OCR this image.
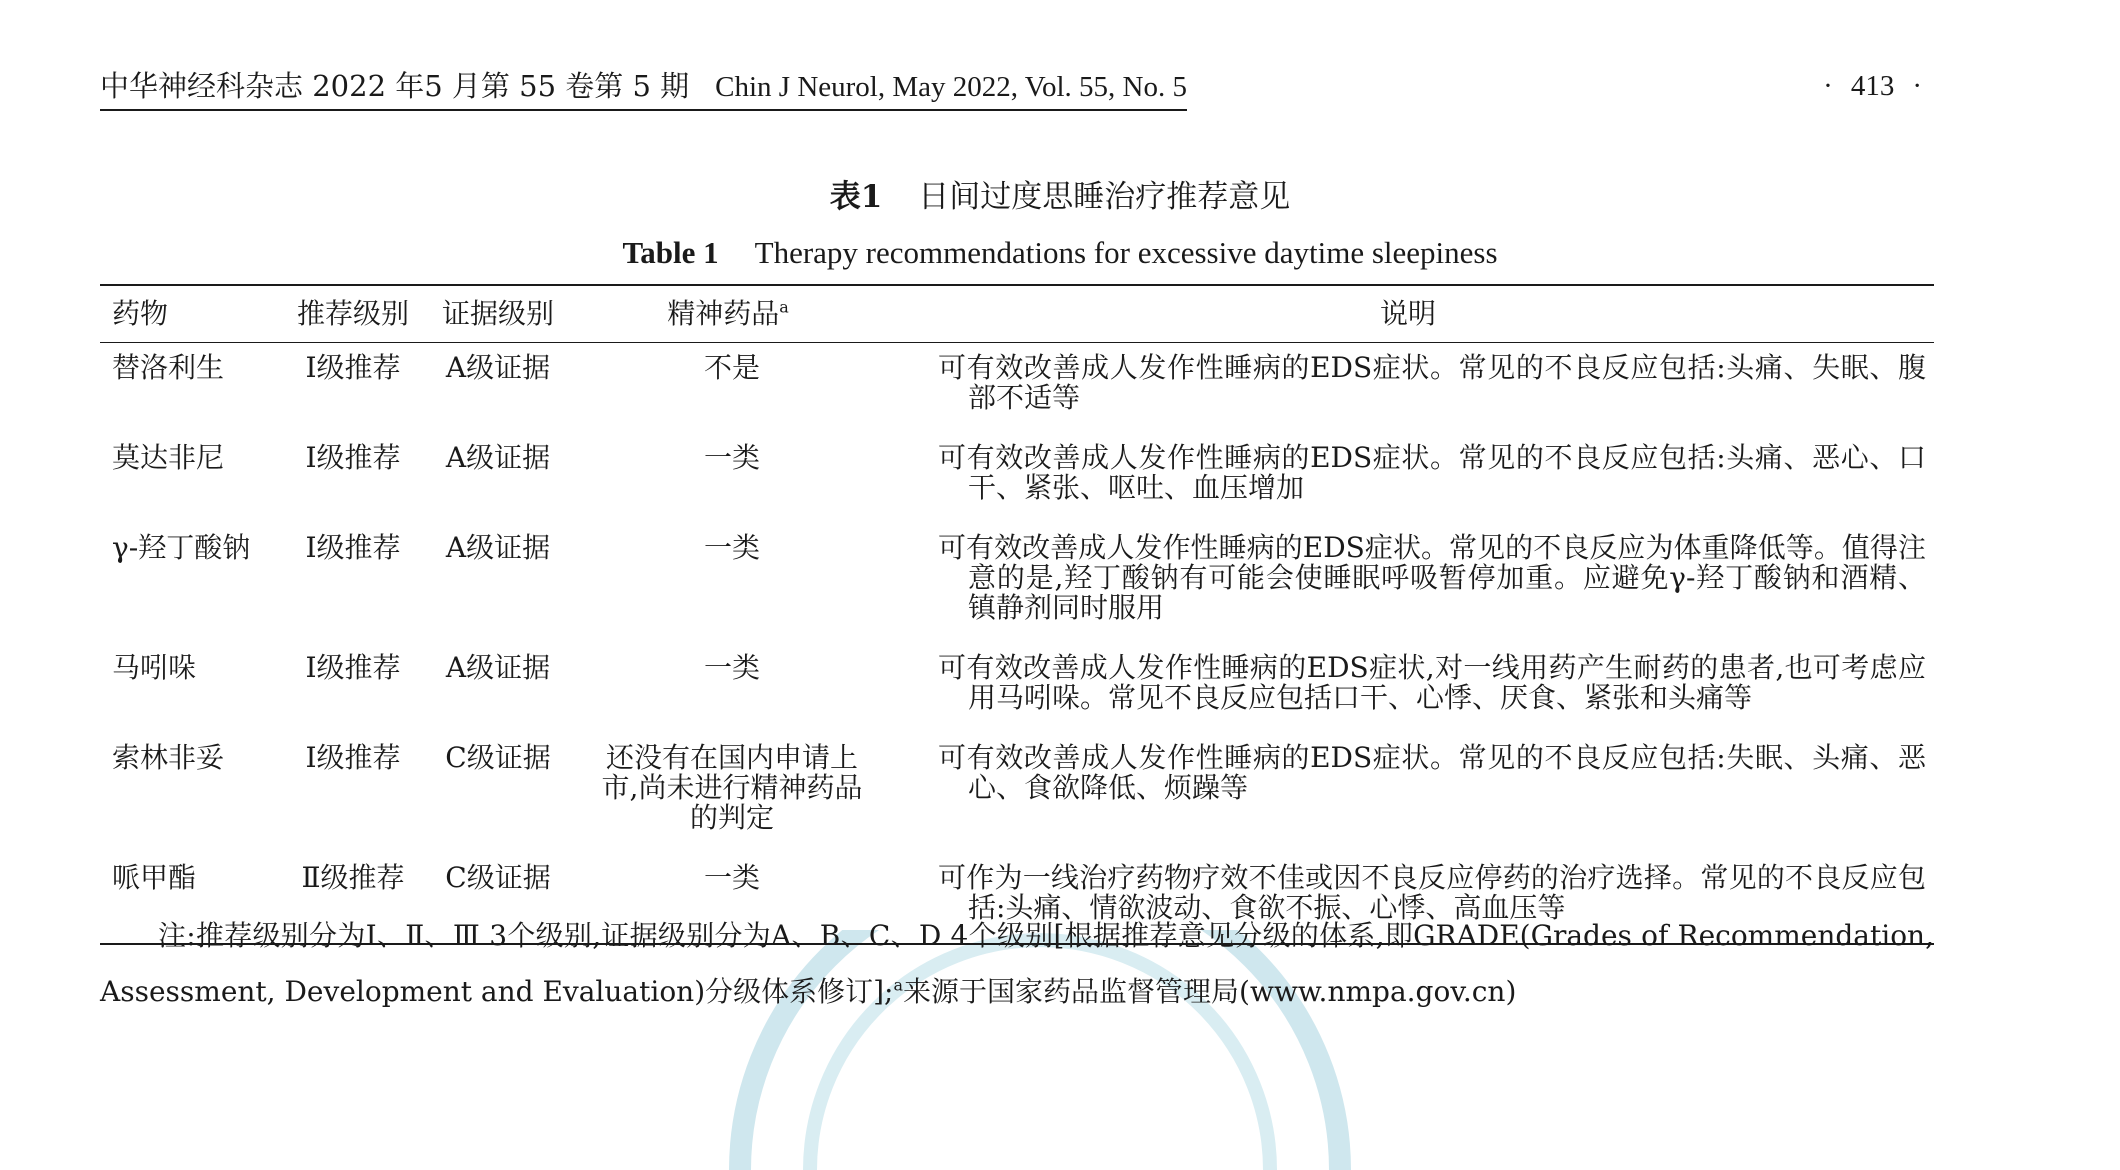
中华神经科杂志 2022 年5 月第 55 卷第 5 期 Chin J Neurol, May 2022, Vol. 55, No. 5	· 413 ·
表1 日间过度思睡治疗推荐意见
Table 1 Therapy recommendations for excessive daytime sleepiness
药物	推荐级别	证据级别	精神药品$^a$	说明
替洛利生	Ⅰ级推荐	A级证据	不是	可有效改善成人发作性睡病的EDS症状。常见的不良反应包括:头痛、失眠、腹部不适等

莫达非尼	Ⅰ级推荐	A级证据	一类	可有效改善成人发作性睡病的EDS症状。常见的不良反应包括:头痛、恶心、口干、紧张、呕吐、血压增加

γ-羟丁酸钠	Ⅰ级推荐	A级证据	一类	可有效改善成人发作性睡病的EDS症状。常见的不良反应为体重降低等。值得注意的是,羟丁酸钠有可能会使睡眠呼吸暂停加重。应避免γ-羟丁酸钠和酒精、镇静剂同时服用

马吲哚	Ⅰ级推荐	A级证据	一类	可有效改善成人发作性睡病的EDS症状,对一线用药产生耐药的患者,也可考虑应用马吲哚。常见不良反应包括口干、心悸、厌食、紧张和头痛等

索林非妥	Ⅰ级推荐	C级证据	还没有在国内申请上市,尚未进行精神药品的判定	可有效改善成人发作性睡病的EDS症状。常见的不良反应包括:失眠、头痛、恶心、食欲降低、烦躁等

哌甲酯	Ⅱ级推荐	C级证据	一类	可作为一线治疗药物疗效不佳或因不良反应停药的治疗选择。常见的不良反应包括:头痛、情欲波动、食欲不振、心悸、高血压等
注:推荐级别分为Ⅰ、Ⅱ、Ⅲ 3个级别,证据级别分为A、B、C、D 4个级别[根据推荐意见分级的体系,即GRADE(Grades of Recommendation, Assessment, Development and Evaluation)分级体系修订];$^a$来源于国家药品监督管理局(www.nmpa.gov.cn)
